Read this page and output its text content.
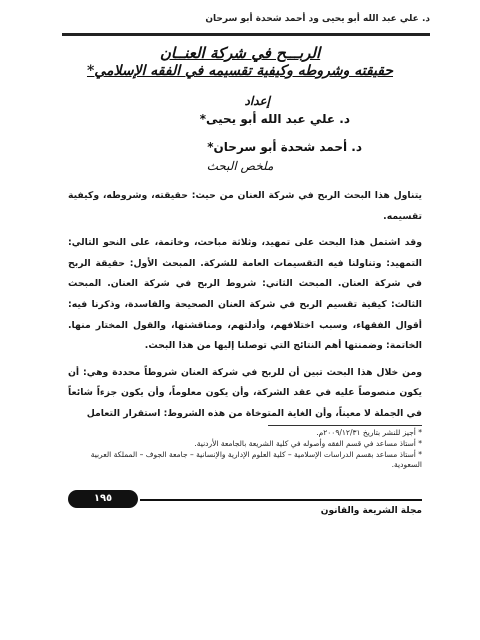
د. علي عبد الله أبو يحيى ود أحمد شحدة أبو سرحان
الربـــح في شركة العنــان
حقيقته وشروطه وكيفية تقسيمه في الفقه الإسلامي*
إعداد
د. علي عبد الله أبو يحيى*
د. أحمد شحدة أبو سرحان*
ملخص البحث

يتناول هذا البحث الربح في شركة العنان من حيث: حقيقته، وشروطه، وكيفية تقسيمه.

وقد اشتمل هذا البحث على تمهيد، وثلاثة مباحث، وخاتمة، على النحو التالي: التمهيد: وتناولنا فيه التقسيمات العامة للشركة. المبحث الأول: حقيقة الربح في شركة العنان. المبحث الثاني: شروط الربح في شركة العنان. المبحث الثالث: كيفية تقسيم الربح في شركة العنان الصحيحة والفاسدة، وذكرنا فيه: أقوال الفقهاء، وسبب اختلافهم، وأدلتهم، ومناقشتها، والقول المختار منها. الخاتمة: وضمنتها أهم النتائج التي توصلنا إليها من هذا البحث.

ومن خلال هذا البحث تبين أن للربح في شركة العنان شروطاً محددة وهي: أن يكون منصوصاً عليه في عقد الشركة، وأن يكون معلوماً، وأن يكون جزءاً شائعاً في الجملة لا معيناً، وأن الغاية المتوخاة من هذه الشروط: استقرار التعامل

* أجيز للنشر بتاريخ ٢٠٠٩/١٢/٣١م.

* أستاذ مساعد في قسم الفقه وأصوله في كلية الشريعة بالجامعة الأردنية.

* أستاذ مساعد بقسم الدراسات الإسلامية – كلية العلوم الإدارية والإنسانية – جامعة الجوف – المملكة العربية السعودية.

١٩٥
مجلة الشريعة والقانون
